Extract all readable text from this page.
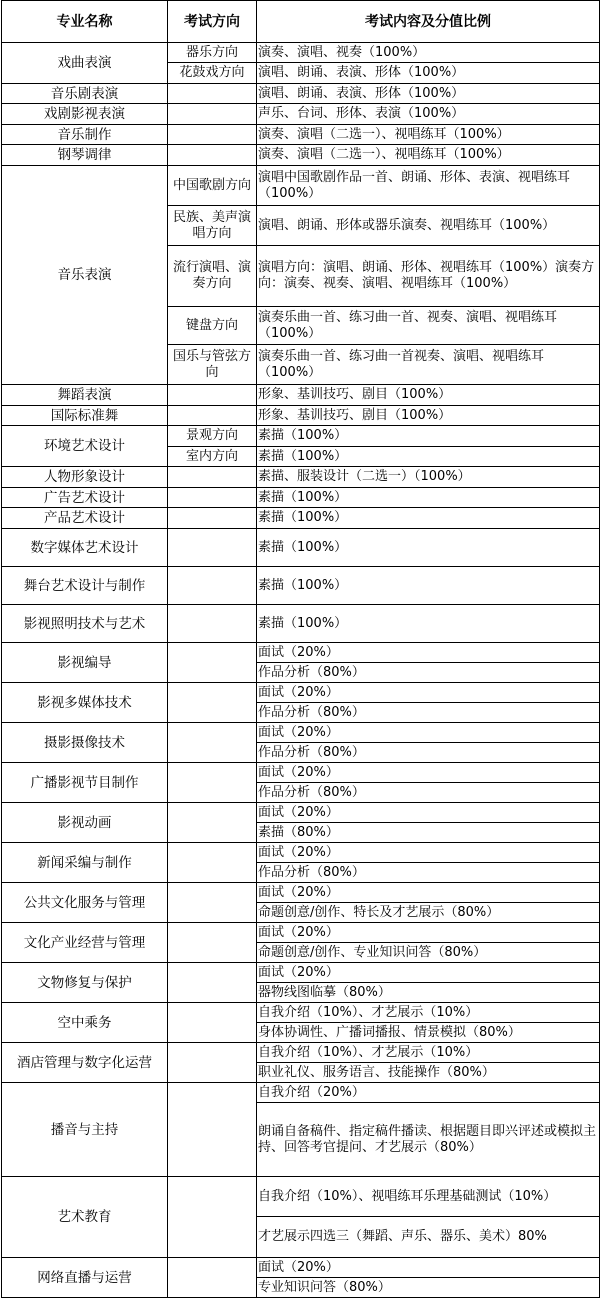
专业名称	考试方向	考试内容及分值比例
戏曲表演	器乐方向	演奏、演唱、视奏（100%）
	花鼓戏方向	演唱、朗诵、表演、形体（100%）
音乐剧表演		演唱、朗诵、表演、形体（100%）
戏剧影视表演		声乐、台词、形体、表演（100%）
音乐制作		演奏、演唱（二选一）、视唱练耳（100%）
钢琴调律		演奏、演唱（二选一）、视唱练耳（100%）
音乐表演	中国歌剧方向	演唱中国歌剧作品一首、朗诵、形体、表演、视唱练耳（100%）
	民族、美声演唱方向	演唱、朗诵、形体或器乐演奏、视唱练耳（100%）
	流行演唱、演奏方向	演唱方向：演唱、朗诵、形体、视唱练耳（100%）演奏方向：演奏、视奏、演唱、视唱练耳（100%）
	键盘方向	演奏乐曲一首、练习曲一首、视奏、演唱、视唱练耳（100%）
	国乐与管弦方向	演奏乐曲一首、练习曲一首视奏、演唱、视唱练耳（100%）
舞蹈表演		形象、基训技巧、剧目（100%）
国际标准舞		形象、基训技巧、剧目（100%）
环境艺术设计	景观方向	素描（100%）
	室内方向	素描（100%）
人物形象设计		素描、服装设计（二选一）（100%）
广告艺术设计		素描（100%）
产品艺术设计		素描（100%）
数字媒体艺术设计		素描（100%）
舞台艺术设计与制作		素描（100%）
影视照明技术与艺术		素描（100%）
影视编导		面试（20%）
		作品分析（80%）
影视多媒体技术		面试（20%）
		作品分析（80%）
摄影摄像技术		面试（20%）
		作品分析（80%）
广播影视节目制作		面试（20%）
		作品分析（80%）
影视动画		面试（20%）
		素描（80%）
新闻采编与制作		面试（20%）
		作品分析（80%）
公共文化服务与管理		面试（20%）
		命题创意/创作、特长及才艺展示（80%）
文化产业经营与管理		面试（20%）
		命题创意/创作、专业知识问答（80%）
文物修复与保护		面试（20%）
		器物线图临摹（80%）
空中乘务		自我介绍（10%）、才艺展示（10%）
		身体协调性、广播词播报、情景模拟（80%）
酒店管理与数字化运营		自我介绍（10%）、才艺展示（10%）
		职业礼仪、服务语言、技能操作（80%）
播音与主持		自我介绍（20%）
		朗诵自备稿件、指定稿件播读、根据题目即兴评述或模拟主持、回答考官提问、才艺展示（80%）
艺术教育		自我介绍（10%）、视唱练耳乐理基础测试（10%）
		才艺展示四选三（舞蹈、声乐、器乐、美术）80%
网络直播与运营		面试（20%）
		专业知识问答（80%）
